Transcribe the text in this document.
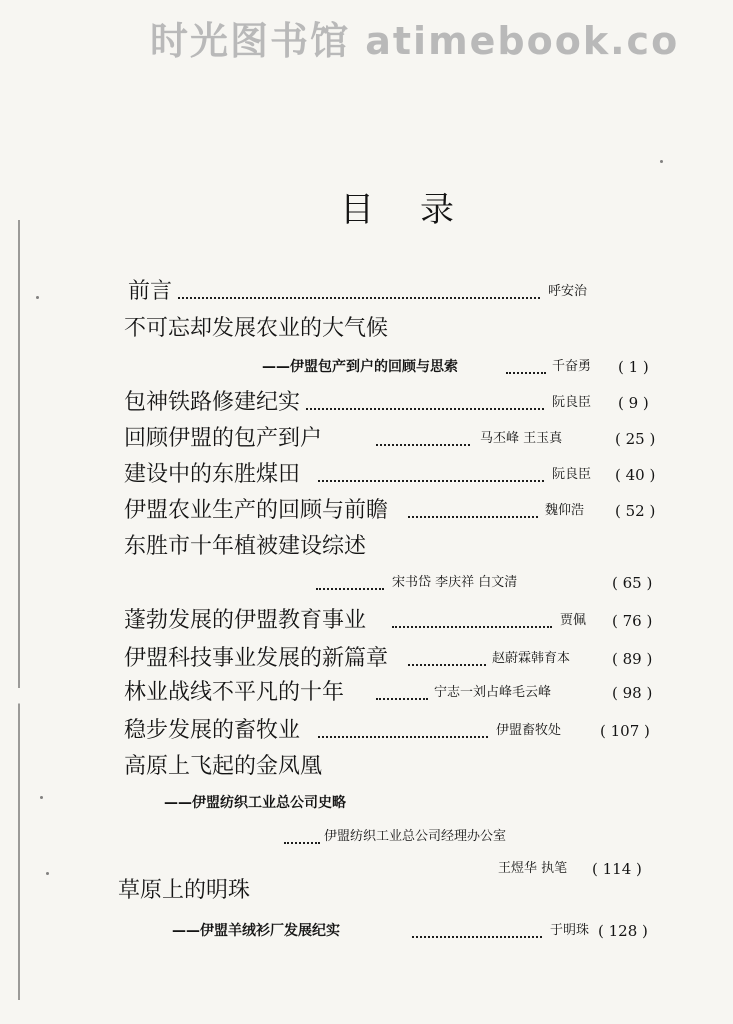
时光图书馆 atimebook.co
目录
前言	呼安治
不可忘却发展农业的大气候
——伊盟包产到户的回顾与思索	千奋勇 ( 1 )
包神铁路修建纪实	阮良臣 ( 9 )
回顾伊盟的包产到户	马丕峰 王玉真	( 25 )
建设中的东胜煤田	阮良臣 ( 40 )
伊盟农业生产的回顾与前瞻	魏仰浩 ( 52 )
东胜市十年植被建设综述
宋书岱 李庆祥 白文清	( 65 )
蓬勃发展的伊盟教育事业	贾佩 ( 76 )
伊盟科技事业发展的新篇章	赵蔚霖韩育本	( 89 )
林业战线不平凡的十年	宁志一刘占峰毛云峰	( 98 )
稳步发展的畜牧业	伊盟畜牧处	( 107 )
高原上飞起的金凤凰
——伊盟纺织工业总公司史略
伊盟纺织工业总公司经理办公室
王煜华 执笔 ( 114 )
草原上的明珠
——伊盟羊绒衫厂发展纪实	于明珠 ( 128 )
